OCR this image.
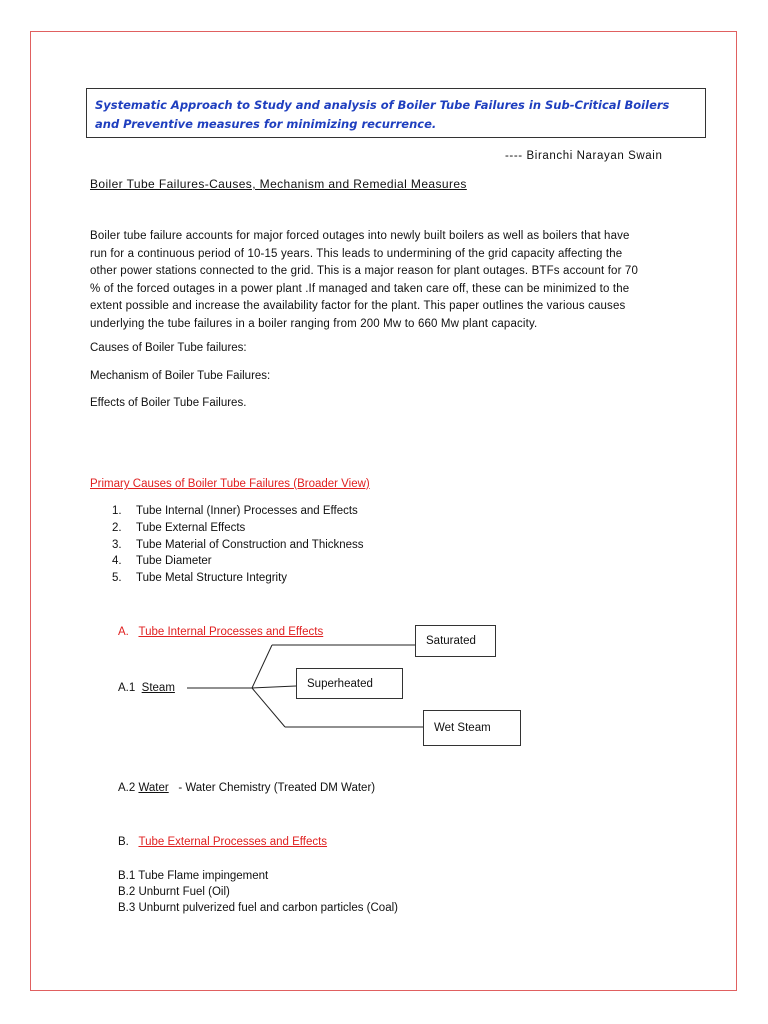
Systematic Approach to Study and analysis of Boiler Tube Failures in Sub-Critical Boilers and Preventive measures for minimizing recurrence.
---- Biranchi Narayan Swain
Boiler Tube Failures-Causes, Mechanism and Remedial Measures
Boiler tube failure accounts for major forced outages into newly built boilers as well as boilers that have
run for a continuous period of 10-15 years. This leads to undermining of the grid capacity affecting the
other power stations connected to the grid. This is a major reason for plant outages. BTFs account for 70
% of the forced outages in a power plant .If managed and taken care off, these can be minimized to the
extent possible and increase the availability factor for the plant. This paper outlines the various causes
underlying the tube failures in a boiler ranging from 200 Mw to 660 Mw plant capacity.
Causes of Boiler Tube failures:
Mechanism of Boiler Tube Failures:
Effects of Boiler Tube Failures.
Primary Causes of Boiler Tube Failures (Broader View)
1. Tube Internal (Inner) Processes and Effects
2. Tube External Effects
3. Tube Material of Construction and Thickness
4. Tube Diameter
5. Tube Metal Structure Integrity
A. Tube Internal Processes and Effects
A.1 Steam
Saturated
Superheated
Wet Steam
A.2 Water - Water Chemistry (Treated DM Water)
B. Tube External Processes and Effects
B.1 Tube Flame impingement
B.2 Unburnt Fuel (Oil)
B.3 Unburnt pulverized fuel and carbon particles (Coal)
